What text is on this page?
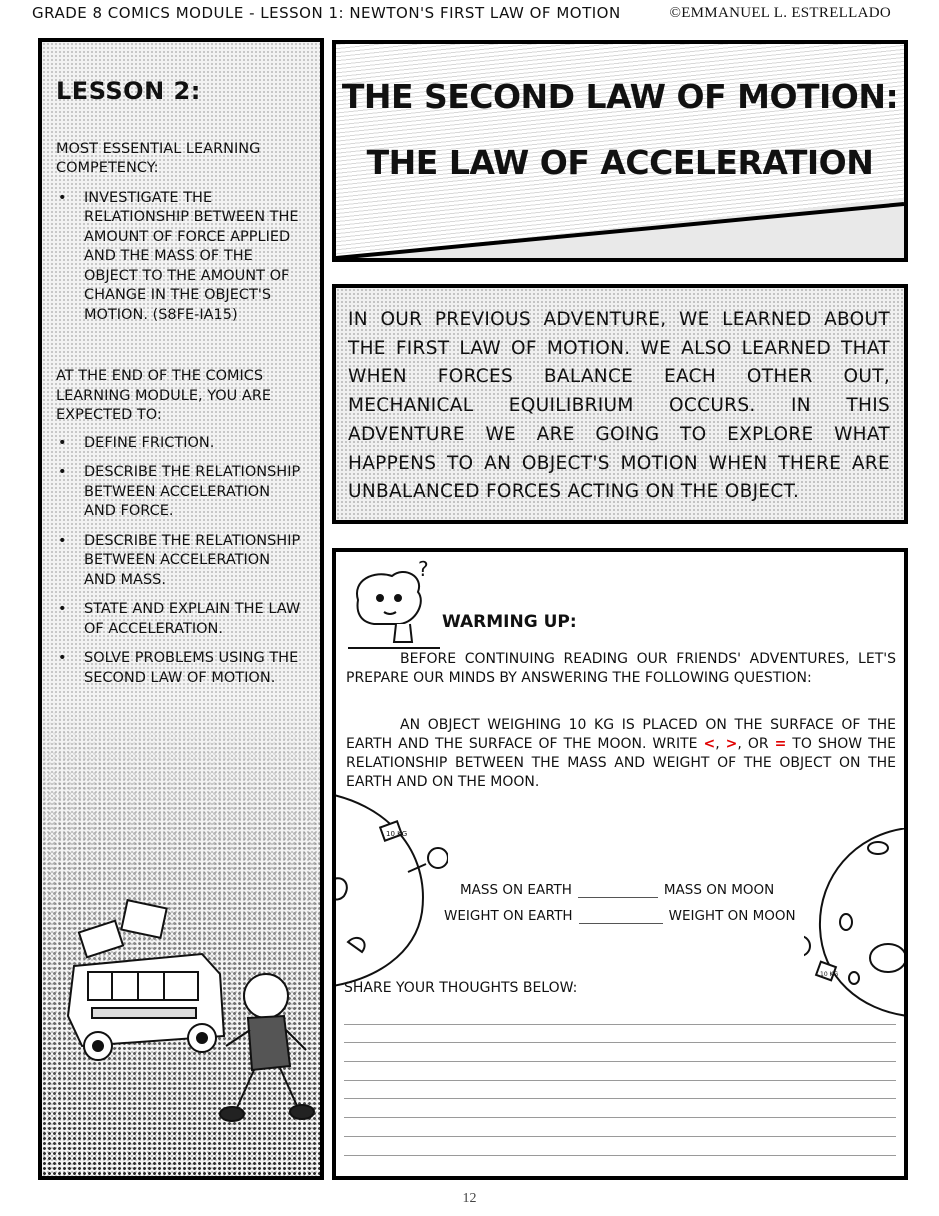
GRADE 8 COMICS MODULE - LESSON 1: NEWTON'S FIRST LAW OF MOTION	©EMMANUEL L. ESTRELLADO
LESSON 2:
MOST ESSENTIAL LEARNING COMPETENCY:
•	INVESTIGATE THE RELATIONSHIP BETWEEN THE AMOUNT OF FORCE APPLIED AND THE MASS OF THE OBJECT TO THE AMOUNT OF CHANGE IN THE OBJECT'S MOTION. (S8FE-IA15)
AT THE END OF THE COMICS LEARNING MODULE, YOU ARE EXPECTED TO:
•	DEFINE FRICTION.
•	DESCRIBE THE RELATIONSHIP BETWEEN ACCELERATION AND FORCE.
•	DESCRIBE THE RELATIONSHIP BETWEEN ACCELERATION AND MASS.
•	STATE AND EXPLAIN THE LAW OF ACCELERATION.
•	SOLVE PROBLEMS USING THE SECOND LAW OF MOTION.
THE SECOND LAW OF MOTION:
THE LAW OF ACCELERATION
IN OUR PREVIOUS ADVENTURE, WE LEARNED ABOUT THE FIRST LAW OF MOTION. WE ALSO LEARNED THAT WHEN FORCES BALANCE EACH OTHER OUT, MECHANICAL EQUILIBRIUM OCCURS. IN THIS ADVENTURE WE ARE GOING TO EXPLORE WHAT HAPPENS TO AN OBJECT'S MOTION WHEN THERE ARE UNBALANCED FORCES ACTING ON THE OBJECT.
?
WARMING UP:
BEFORE CONTINUING READING OUR FRIENDS' ADVENTURES, LET'S PREPARE OUR MINDS BY ANSWERING THE FOLLOWING QUESTION:
AN OBJECT WEIGHING 10 KG IS PLACED ON THE SURFACE OF THE EARTH AND THE SURFACE OF THE MOON. WRITE <, >, OR = TO SHOW THE RELATIONSHIP BETWEEN THE MASS AND WEIGHT OF THE OBJECT ON THE EARTH AND ON THE MOON.
10 KG
10 KG
MASS ON EARTH	MASS ON MOON
WEIGHT ON EARTH	WEIGHT ON MOON
SHARE YOUR THOUGHTS BELOW:
12
